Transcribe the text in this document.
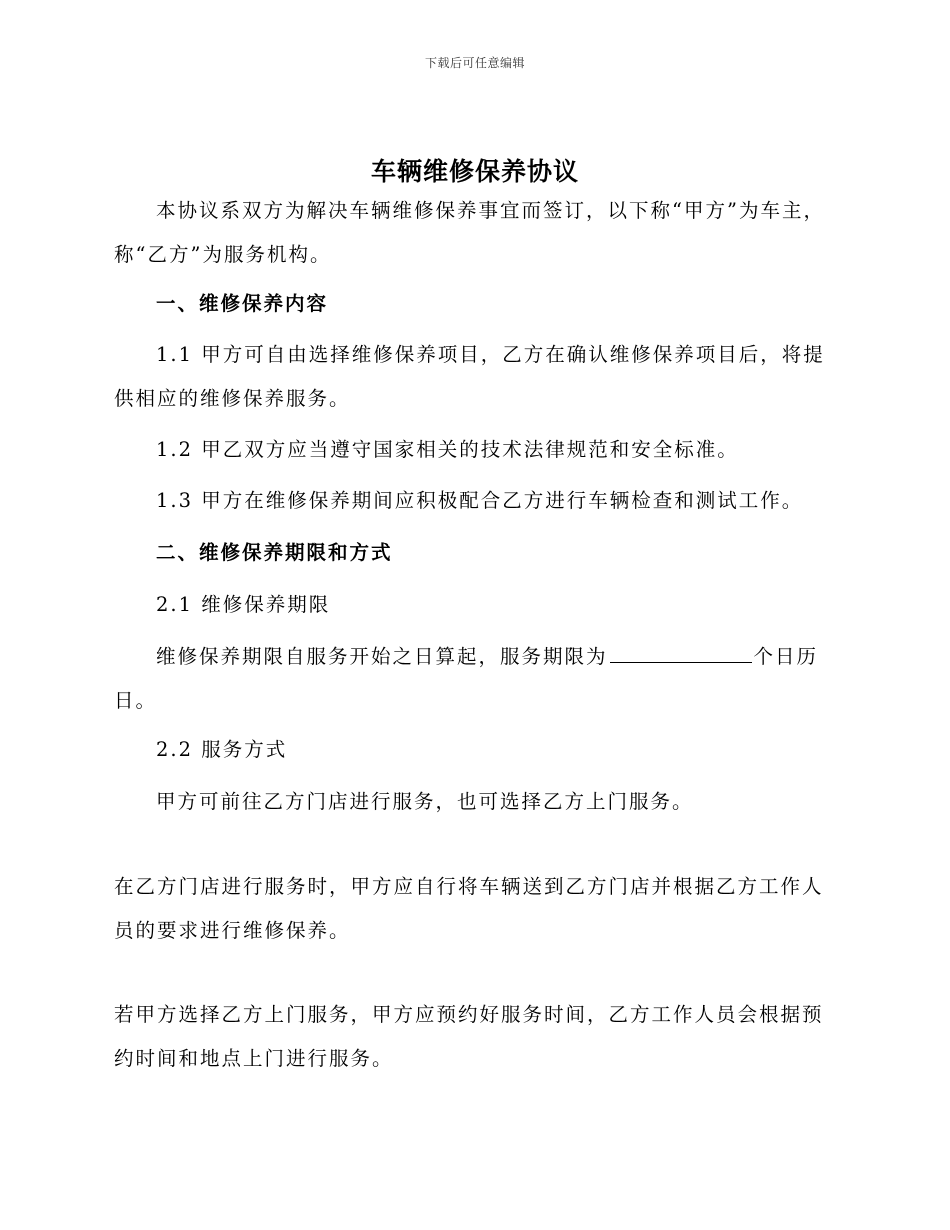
下载后可任意编辑
车辆维修保养协议

本协议系双方为解决车辆维修保养事宜而签订，以下称“甲方”为车主，称“乙方”为服务机构。

一、维修保养内容

1.1 甲方可自由选择维修保养项目，乙方在确认维修保养项目后，将提供相应的维修保养服务。

1.2 甲乙双方应当遵守国家相关的技术法律规范和安全标准。

1.3 甲方在维修保养期间应积极配合乙方进行车辆检查和测试工作。

二、维修保养期限和方式

2.1 维修保养期限

维修保养期限自服务开始之日算起，服务期限为	个日历日。

2.2 服务方式

甲方可前往乙方门店进行服务，也可选择乙方上门服务。

在乙方门店进行服务时，甲方应自行将车辆送到乙方门店并根据乙方工作人员的要求进行维修保养。

若甲方选择乙方上门服务，甲方应预约好服务时间，乙方工作人员会根据预约时间和地点上门进行服务。
